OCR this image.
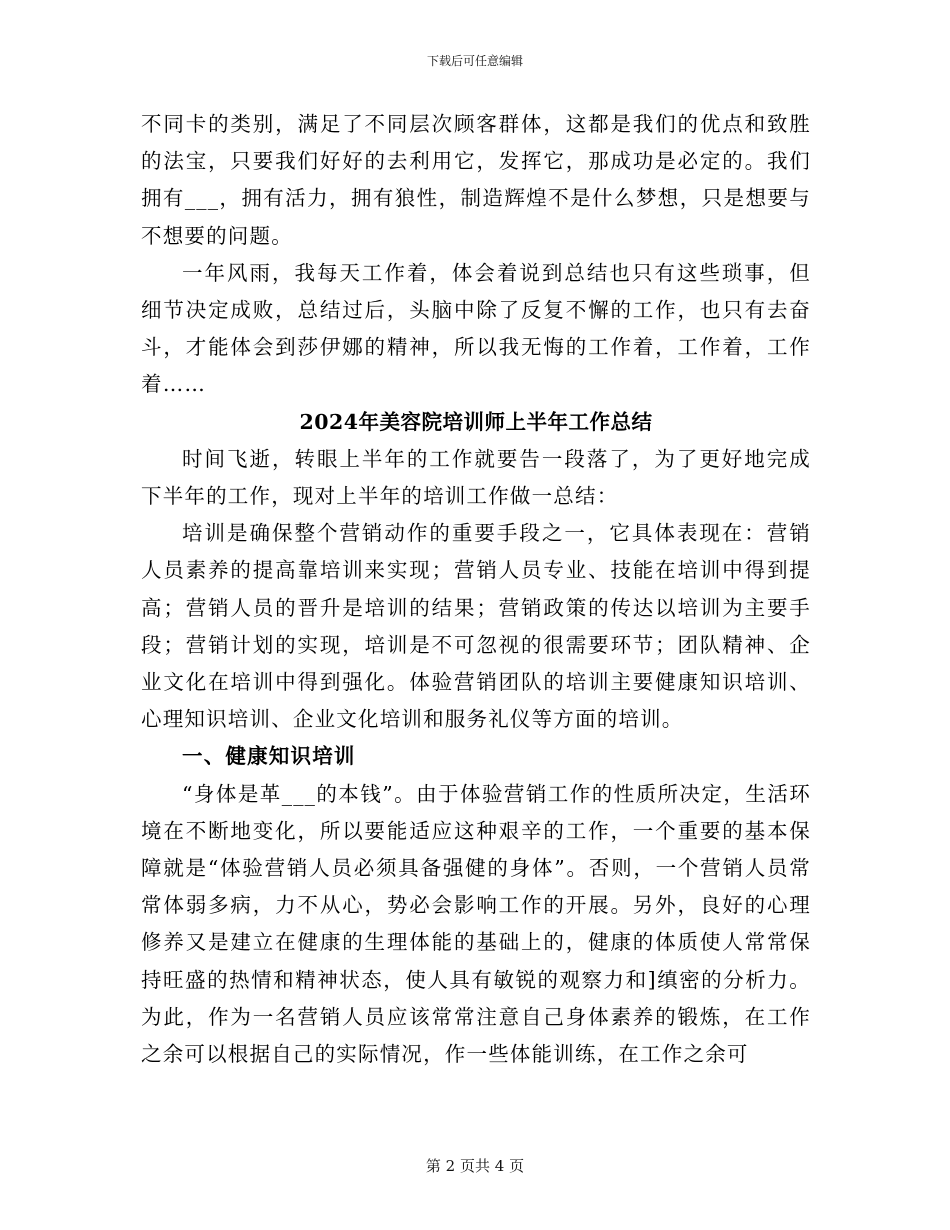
下载后可任意编辑

不同卡的类别，满足了不同层次顾客群体，这都是我们的优点和致胜的法宝，只要我们好好的去利用它，发挥它，那成功是必定的。我们拥有___，拥有活力，拥有狼性，制造辉煌不是什么梦想，只是想要与不想要的问题。

一年风雨，我每天工作着，体会着说到总结也只有这些琐事，但细节决定成败，总结过后，头脑中除了反复不懈的工作，也只有去奋斗，才能体会到莎伊娜的精神，所以我无悔的工作着，工作着，工作着……

2024年美容院培训师上半年工作总结

时间飞逝，转眼上半年的工作就要告一段落了，为了更好地完成下半年的工作，现对上半年的培训工作做一总结：

培训是确保整个营销动作的重要手段之一，它具体表现在：营销人员素养的提高靠培训来实现；营销人员专业、技能在培训中得到提高；营销人员的晋升是培训的结果；营销政策的传达以培训为主要手段；营销计划的实现，培训是不可忽视的很需要环节；团队精神、企业文化在培训中得到强化。体验营销团队的培训主要健康知识培训、心理知识培训、企业文化培训和服务礼仪等方面的培训。

一、健康知识培训

“身体是革___的本钱”。由于体验营销工作的性质所决定，生活环境在不断地变化，所以要能适应这种艰辛的工作，一个重要的基本保障就是“体验营销人员必须具备强健的身体”。否则，一个营销人员常常体弱多病，力不从心，势必会影响工作的开展。另外，良好的心理修养又是建立在健康的生理体能的基础上的，健康的体质使人常常保持旺盛的热情和精神状态，使人具有敏锐的观察力和]缜密的分析力。为此，作为一名营销人员应该常常注意自己身体素养的锻炼，在工作之余可以根据自己的实际情况，作一些体能训练，在工作之余可

第 2 页共 4 页
